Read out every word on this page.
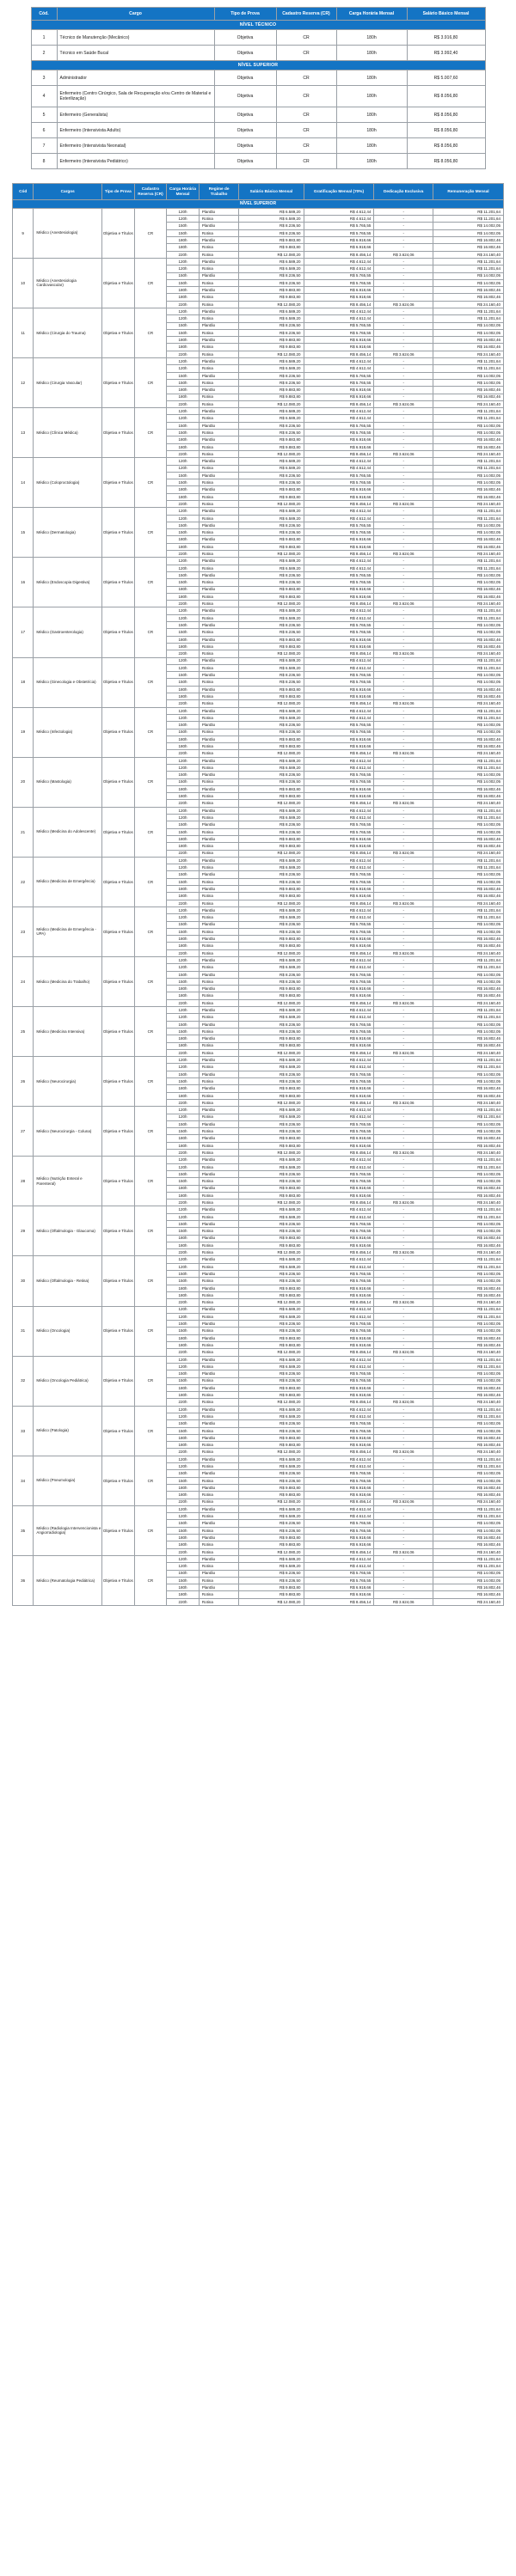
Cód.	Cargo	Tipo de Prova	Cadastro Reserva (CR)	Carga Horária Mensal	Salário Básico Mensal
NÍVEL TÉCNICO					
1	Técnico de Manutenção (Mecânico)	Objetiva	CR	180h	R$ 3.916,80
2	Técnico em Saúde Bucal	Objetiva	CR	180h	R$ 3.992,40
NÍVEL SUPERIOR					
3	Administrador	Objetiva	CR	180h	R$ 5.007,60
4	Enfermeiro (Centro Cirúrgico, Sala de Recuperação e/ou Centro de Material e Esterilização)	Objetiva	CR	180h	R$ 8.056,80
5	Enfermeiro (Generalista)	Objetiva	CR	180h	R$ 8.056,80
6	Enfermeiro (Intensivista Adulto)	Objetiva	CR	180h	R$ 8.056,80
7	Enfermeiro (Intensivista Neonatal)	Objetiva	CR	180h	R$ 8.056,80
8	Enfermeiro (Intensivista Pediátrico)	Objetiva	CR	180h	R$ 8.056,80
Cód	Cargos	Tipo de Prova	Cadastro Reserva (CR)	Carga Horária Mensal	Regime de Trabalho	Salário Básico Mensal	Gratificação Mensal (70%)	Dedicação Exclusiva	Remuneração Mensal
NÍVEL SUPERIOR									
9	Médico (Anestesiologia)	Objetiva e Títulos	CR	120h	Plantão	R$ 6.589,20	R$ 4.612,44	-	R$ 11.201,64
				120h	Rotina	R$ 6.589,20	R$ 4.612,44	-	R$ 11.201,64
				150h	Plantão	R$ 8.236,50	R$ 5.765,55	-	R$ 14.002,05
				150h	Rotina	R$ 8.236,50	R$ 5.765,55	-	R$ 14.002,05
				180h	Plantão	R$ 9.883,80	R$ 6.918,66	-	R$ 16.802,46
				180h	Rotina	R$ 9.883,80	R$ 6.918,66	-	R$ 16.802,46
				220h	Rotina	R$ 12.080,20	R$ 8.456,14	R$ 3.624,06	R$ 24.160,40
10	Médico (Anestesiologia Cardiovascular)	Objetiva e Títulos	CR	120h	Plantão	R$ 6.589,20	R$ 4.612,44	-	R$ 11.201,64
				120h	Rotina	R$ 6.589,20	R$ 4.612,44	-	R$ 11.201,64
				150h	Plantão	R$ 8.236,50	R$ 5.765,55	-	R$ 14.002,05
				150h	Rotina	R$ 8.236,50	R$ 5.765,55	-	R$ 14.002,05
				180h	Plantão	R$ 9.883,80	R$ 6.918,66	-	R$ 16.802,46
				180h	Rotina	R$ 9.883,80	R$ 6.918,66	-	R$ 16.802,46
				220h	Rotina	R$ 12.080,20	R$ 8.456,14	R$ 3.624,06	R$ 24.160,40
11	Médico (Cirurgia do Trauma)	Objetiva e Títulos	CR	120h	Plantão	R$ 6.589,20	R$ 4.612,44	-	R$ 11.201,64
				120h	Rotina	R$ 6.589,20	R$ 4.612,44	-	R$ 11.201,64
				150h	Plantão	R$ 8.236,50	R$ 5.765,55	-	R$ 14.002,05
				150h	Rotina	R$ 8.236,50	R$ 5.765,55	-	R$ 14.002,05
				180h	Plantão	R$ 9.883,80	R$ 6.918,66	-	R$ 16.802,46
				180h	Rotina	R$ 9.883,80	R$ 6.918,66	-	R$ 16.802,46
				220h	Rotina	R$ 12.080,20	R$ 8.456,14	R$ 3.624,06	R$ 24.160,40
12	Médico (Cirurgia Vascular)	Objetiva e Títulos	CR	120h	Plantão	R$ 6.589,20	R$ 4.612,44	-	R$ 11.201,64
				120h	Rotina	R$ 6.589,20	R$ 4.612,44	-	R$ 11.201,64
				150h	Plantão	R$ 8.236,50	R$ 5.765,55	-	R$ 14.002,05
				150h	Rotina	R$ 8.236,50	R$ 5.765,55	-	R$ 14.002,05
				180h	Plantão	R$ 9.883,80	R$ 6.918,66	-	R$ 16.802,46
				180h	Rotina	R$ 9.883,80	R$ 6.918,66	-	R$ 16.802,46
				220h	Rotina	R$ 12.080,20	R$ 8.456,14	R$ 3.624,06	R$ 24.160,40
13	Médico (Clínica Médica)	Objetiva e Títulos	CR	120h	Plantão	R$ 6.589,20	R$ 4.612,44	-	R$ 11.201,64
				120h	Rotina	R$ 6.589,20	R$ 4.612,44	-	R$ 11.201,64
				150h	Plantão	R$ 8.236,50	R$ 5.765,55	-	R$ 14.002,05
				150h	Rotina	R$ 8.236,50	R$ 5.765,55	-	R$ 14.002,05
				180h	Plantão	R$ 9.883,80	R$ 6.918,66	-	R$ 16.802,46
				180h	Rotina	R$ 9.883,80	R$ 6.918,66	-	R$ 16.802,46
				220h	Rotina	R$ 12.080,20	R$ 8.456,14	R$ 3.624,06	R$ 24.160,40
14	Médico (Coloproctologia)	Objetiva e Títulos	CR	120h	Plantão	R$ 6.589,20	R$ 4.612,44	-	R$ 11.201,64
				120h	Rotina	R$ 6.589,20	R$ 4.612,44	-	R$ 11.201,64
				150h	Plantão	R$ 8.236,50	R$ 5.765,55	-	R$ 14.002,05
				150h	Rotina	R$ 8.236,50	R$ 5.765,55	-	R$ 14.002,05
				180h	Plantão	R$ 9.883,80	R$ 6.918,66	-	R$ 16.802,46
				180h	Rotina	R$ 9.883,80	R$ 6.918,66	-	R$ 16.802,46
				220h	Rotina	R$ 12.080,20	R$ 8.456,14	R$ 3.624,06	R$ 24.160,40
15	Médico (Dermatologia)	Objetiva e Títulos	CR	120h	Plantão	R$ 6.589,20	R$ 4.612,44	-	R$ 11.201,64
				120h	Rotina	R$ 6.589,20	R$ 4.612,44	-	R$ 11.201,64
				150h	Plantão	R$ 8.236,50	R$ 5.765,55	-	R$ 14.002,05
				150h	Rotina	R$ 8.236,50	R$ 5.765,55	-	R$ 14.002,05
				180h	Plantão	R$ 9.883,80	R$ 6.918,66	-	R$ 16.802,46
				180h	Rotina	R$ 9.883,80	R$ 6.918,66	-	R$ 16.802,46
				220h	Rotina	R$ 12.080,20	R$ 8.456,14	R$ 3.624,06	R$ 24.160,40
16	Médico (Endoscopia Digestiva)	Objetiva e Títulos	CR	120h	Plantão	R$ 6.589,20	R$ 4.612,44	-	R$ 11.201,64
				120h	Rotina	R$ 6.589,20	R$ 4.612,44	-	R$ 11.201,64
				150h	Plantão	R$ 8.236,50	R$ 5.765,55	-	R$ 14.002,05
				150h	Rotina	R$ 8.236,50	R$ 5.765,55	-	R$ 14.002,05
				180h	Plantão	R$ 9.883,80	R$ 6.918,66	-	R$ 16.802,46
				180h	Rotina	R$ 9.883,80	R$ 6.918,66	-	R$ 16.802,46
				220h	Rotina	R$ 12.080,20	R$ 8.456,14	R$ 3.624,06	R$ 24.160,40
17	Médico (Gastroenterologia)	Objetiva e Títulos	CR	120h	Plantão	R$ 6.589,20	R$ 4.612,44	-	R$ 11.201,64
				120h	Rotina	R$ 6.589,20	R$ 4.612,44	-	R$ 11.201,64
				150h	Plantão	R$ 8.236,50	R$ 5.765,55	-	R$ 14.002,05
				150h	Rotina	R$ 8.236,50	R$ 5.765,55	-	R$ 14.002,05
				180h	Plantão	R$ 9.883,80	R$ 6.918,66	-	R$ 16.802,46
				180h	Rotina	R$ 9.883,80	R$ 6.918,66	-	R$ 16.802,46
				220h	Rotina	R$ 12.080,20	R$ 8.456,14	R$ 3.624,06	R$ 24.160,40
18	Médico (Ginecologia e Obstetrícia)	Objetiva e Títulos	CR	120h	Plantão	R$ 6.589,20	R$ 4.612,44	-	R$ 11.201,64
				120h	Rotina	R$ 6.589,20	R$ 4.612,44	-	R$ 11.201,64
				150h	Plantão	R$ 8.236,50	R$ 5.765,55	-	R$ 14.002,05
				150h	Rotina	R$ 8.236,50	R$ 5.765,55	-	R$ 14.002,05
				180h	Plantão	R$ 9.883,80	R$ 6.918,66	-	R$ 16.802,46
				180h	Rotina	R$ 9.883,80	R$ 6.918,66	-	R$ 16.802,46
				220h	Rotina	R$ 12.080,20	R$ 8.456,14	R$ 3.624,06	R$ 24.160,40
19	Médico (Infectologia)	Objetiva e Títulos	CR	120h	Plantão	R$ 6.589,20	R$ 4.612,44	-	R$ 11.201,64
				120h	Rotina	R$ 6.589,20	R$ 4.612,44	-	R$ 11.201,64
				150h	Plantão	R$ 8.236,50	R$ 5.765,55	-	R$ 14.002,05
				150h	Rotina	R$ 8.236,50	R$ 5.765,55	-	R$ 14.002,05
				180h	Plantão	R$ 9.883,80	R$ 6.918,66	-	R$ 16.802,46
				180h	Rotina	R$ 9.883,80	R$ 6.918,66	-	R$ 16.802,46
				220h	Rotina	R$ 12.080,20	R$ 8.456,14	R$ 3.624,06	R$ 24.160,40
20	Médico (Mastologia)	Objetiva e Títulos	CR	120h	Plantão	R$ 6.589,20	R$ 4.612,44	-	R$ 11.201,64
				120h	Rotina	R$ 6.589,20	R$ 4.612,44	-	R$ 11.201,64
				150h	Plantão	R$ 8.236,50	R$ 5.765,55	-	R$ 14.002,05
				150h	Rotina	R$ 8.236,50	R$ 5.765,55	-	R$ 14.002,05
				180h	Plantão	R$ 9.883,80	R$ 6.918,66	-	R$ 16.802,46
				180h	Rotina	R$ 9.883,80	R$ 6.918,66	-	R$ 16.802,46
				220h	Rotina	R$ 12.080,20	R$ 8.456,14	R$ 3.624,06	R$ 24.160,40
21	Médico (Medicina do Adolescente)	Objetiva e Títulos	CR	120h	Plantão	R$ 6.589,20	R$ 4.612,44	-	R$ 11.201,64
				120h	Rotina	R$ 6.589,20	R$ 4.612,44	-	R$ 11.201,64
				150h	Plantão	R$ 8.236,50	R$ 5.765,55	-	R$ 14.002,05
				150h	Rotina	R$ 8.236,50	R$ 5.765,55	-	R$ 14.002,05
				180h	Plantão	R$ 9.883,80	R$ 6.918,66	-	R$ 16.802,46
				180h	Rotina	R$ 9.883,80	R$ 6.918,66	-	R$ 16.802,46
				220h	Rotina	R$ 12.080,20	R$ 8.456,14	R$ 3.624,06	R$ 24.160,40
22	Médico (Medicina de Emergência)	Objetiva e Títulos	CR	120h	Plantão	R$ 6.589,20	R$ 4.612,44	-	R$ 11.201,64
				120h	Rotina	R$ 6.589,20	R$ 4.612,44	-	R$ 11.201,64
				150h	Plantão	R$ 8.236,50	R$ 5.765,55	-	R$ 14.002,05
				150h	Rotina	R$ 8.236,50	R$ 5.765,55	-	R$ 14.002,05
				180h	Plantão	R$ 9.883,80	R$ 6.918,66	-	R$ 16.802,46
				180h	Rotina	R$ 9.883,80	R$ 6.918,66	-	R$ 16.802,46
				220h	Rotina	R$ 12.080,20	R$ 8.456,14	R$ 3.624,06	R$ 24.160,40
23	Médico (Medicina de Emergência - UPA)	Objetiva e Títulos	CR	120h	Plantão	R$ 6.589,20	R$ 4.612,44	-	R$ 11.201,64
				120h	Rotina	R$ 6.589,20	R$ 4.612,44	-	R$ 11.201,64
				150h	Plantão	R$ 8.236,50	R$ 5.765,55	-	R$ 14.002,05
				150h	Rotina	R$ 8.236,50	R$ 5.765,55	-	R$ 14.002,05
				180h	Plantão	R$ 9.883,80	R$ 6.918,66	-	R$ 16.802,46
				180h	Rotina	R$ 9.883,80	R$ 6.918,66	-	R$ 16.802,46
				220h	Rotina	R$ 12.080,20	R$ 8.456,14	R$ 3.624,06	R$ 24.160,40
24	Médico (Medicina do Trabalho)	Objetiva e Títulos	CR	120h	Plantão	R$ 6.589,20	R$ 4.612,44	-	R$ 11.201,64
				120h	Rotina	R$ 6.589,20	R$ 4.612,44	-	R$ 11.201,64
				150h	Plantão	R$ 8.236,50	R$ 5.765,55	-	R$ 14.002,05
				150h	Rotina	R$ 8.236,50	R$ 5.765,55	-	R$ 14.002,05
				180h	Plantão	R$ 9.883,80	R$ 6.918,66	-	R$ 16.802,46
				180h	Rotina	R$ 9.883,80	R$ 6.918,66	-	R$ 16.802,46
				220h	Rotina	R$ 12.080,20	R$ 8.456,14	R$ 3.624,06	R$ 24.160,40
25	Médico (Medicina Intensiva)	Objetiva e Títulos	CR	120h	Plantão	R$ 6.589,20	R$ 4.612,44	-	R$ 11.201,64
				120h	Rotina	R$ 6.589,20	R$ 4.612,44	-	R$ 11.201,64
				150h	Plantão	R$ 8.236,50	R$ 5.765,55	-	R$ 14.002,05
				150h	Rotina	R$ 8.236,50	R$ 5.765,55	-	R$ 14.002,05
				180h	Plantão	R$ 9.883,80	R$ 6.918,66	-	R$ 16.802,46
				180h	Rotina	R$ 9.883,80	R$ 6.918,66	-	R$ 16.802,46
				220h	Rotina	R$ 12.080,20	R$ 8.456,14	R$ 3.624,06	R$ 24.160,40
26	Médico (Neurocirurgia)	Objetiva e Títulos	CR	120h	Plantão	R$ 6.589,20	R$ 4.612,44	-	R$ 11.201,64
				120h	Rotina	R$ 6.589,20	R$ 4.612,44	-	R$ 11.201,64
				150h	Plantão	R$ 8.236,50	R$ 5.765,55	-	R$ 14.002,05
				150h	Rotina	R$ 8.236,50	R$ 5.765,55	-	R$ 14.002,05
				180h	Plantão	R$ 9.883,80	R$ 6.918,66	-	R$ 16.802,46
				180h	Rotina	R$ 9.883,80	R$ 6.918,66	-	R$ 16.802,46
				220h	Rotina	R$ 12.080,20	R$ 8.456,14	R$ 3.624,06	R$ 24.160,40
27	Médico (Neurocirurgia - Coluna)	Objetiva e Títulos	CR	120h	Plantão	R$ 6.589,20	R$ 4.612,44	-	R$ 11.201,64
				120h	Rotina	R$ 6.589,20	R$ 4.612,44	-	R$ 11.201,64
				150h	Plantão	R$ 8.236,50	R$ 5.765,55	-	R$ 14.002,05
				150h	Rotina	R$ 8.236,50	R$ 5.765,55	-	R$ 14.002,05
				180h	Plantão	R$ 9.883,80	R$ 6.918,66	-	R$ 16.802,46
				180h	Rotina	R$ 9.883,80	R$ 6.918,66	-	R$ 16.802,46
				220h	Rotina	R$ 12.080,20	R$ 8.456,14	R$ 3.624,06	R$ 24.160,40
28	Médico (Nutrição Enteral e Parenteral)	Objetiva e Títulos	CR	120h	Plantão	R$ 6.589,20	R$ 4.612,44	-	R$ 11.201,64
				120h	Rotina	R$ 6.589,20	R$ 4.612,44	-	R$ 11.201,64
				150h	Plantão	R$ 8.236,50	R$ 5.765,55	-	R$ 14.002,05
				150h	Rotina	R$ 8.236,50	R$ 5.765,55	-	R$ 14.002,05
				180h	Plantão	R$ 9.883,80	R$ 6.918,66	-	R$ 16.802,46
				180h	Rotina	R$ 9.883,80	R$ 6.918,66	-	R$ 16.802,46
				220h	Rotina	R$ 12.080,20	R$ 8.456,14	R$ 3.624,06	R$ 24.160,40
29	Médico (Oftalmologia - Glaucoma)	Objetiva e Títulos	CR	120h	Plantão	R$ 6.589,20	R$ 4.612,44	-	R$ 11.201,64
				120h	Rotina	R$ 6.589,20	R$ 4.612,44	-	R$ 11.201,64
				150h	Plantão	R$ 8.236,50	R$ 5.765,55	-	R$ 14.002,05
				150h	Rotina	R$ 8.236,50	R$ 5.765,55	-	R$ 14.002,05
				180h	Plantão	R$ 9.883,80	R$ 6.918,66	-	R$ 16.802,46
				180h	Rotina	R$ 9.883,80	R$ 6.918,66	-	R$ 16.802,46
				220h	Rotina	R$ 12.080,20	R$ 8.456,14	R$ 3.624,06	R$ 24.160,40
30	Médico (Oftalmologia - Retina)	Objetiva e Títulos	CR	120h	Plantão	R$ 6.589,20	R$ 4.612,44	-	R$ 11.201,64
				120h	Rotina	R$ 6.589,20	R$ 4.612,44	-	R$ 11.201,64
				150h	Plantão	R$ 8.236,50	R$ 5.765,55	-	R$ 14.002,05
				150h	Rotina	R$ 8.236,50	R$ 5.765,55	-	R$ 14.002,05
				180h	Plantão	R$ 9.883,80	R$ 6.918,66	-	R$ 16.802,46
				180h	Rotina	R$ 9.883,80	R$ 6.918,66	-	R$ 16.802,46
				220h	Rotina	R$ 12.080,20	R$ 8.456,14	R$ 3.624,06	R$ 24.160,40
31	Médico (Oncologia)	Objetiva e Títulos	CR	120h	Plantão	R$ 6.589,20	R$ 4.612,44	-	R$ 11.201,64
				120h	Rotina	R$ 6.589,20	R$ 4.612,44	-	R$ 11.201,64
				150h	Plantão	R$ 8.236,50	R$ 5.765,55	-	R$ 14.002,05
				150h	Rotina	R$ 8.236,50	R$ 5.765,55	-	R$ 14.002,05
				180h	Plantão	R$ 9.883,80	R$ 6.918,66	-	R$ 16.802,46
				180h	Rotina	R$ 9.883,80	R$ 6.918,66	-	R$ 16.802,46
				220h	Rotina	R$ 12.080,20	R$ 8.456,14	R$ 3.624,06	R$ 24.160,40
32	Médico (Oncologia Pediátrica)	Objetiva e Títulos	CR	120h	Plantão	R$ 6.589,20	R$ 4.612,44	-	R$ 11.201,64
				120h	Rotina	R$ 6.589,20	R$ 4.612,44	-	R$ 11.201,64
				150h	Plantão	R$ 8.236,50	R$ 5.765,55	-	R$ 14.002,05
				150h	Rotina	R$ 8.236,50	R$ 5.765,55	-	R$ 14.002,05
				180h	Plantão	R$ 9.883,80	R$ 6.918,66	-	R$ 16.802,46
				180h	Rotina	R$ 9.883,80	R$ 6.918,66	-	R$ 16.802,46
				220h	Rotina	R$ 12.080,20	R$ 8.456,14	R$ 3.624,06	R$ 24.160,40
33	Médico (Patologia)	Objetiva e Títulos	CR	120h	Plantão	R$ 6.589,20	R$ 4.612,44	-	R$ 11.201,64
				120h	Rotina	R$ 6.589,20	R$ 4.612,44	-	R$ 11.201,64
				150h	Plantão	R$ 8.236,50	R$ 5.765,55	-	R$ 14.002,05
				150h	Rotina	R$ 8.236,50	R$ 5.765,55	-	R$ 14.002,05
				180h	Plantão	R$ 9.883,80	R$ 6.918,66	-	R$ 16.802,46
				180h	Rotina	R$ 9.883,80	R$ 6.918,66	-	R$ 16.802,46
				220h	Rotina	R$ 12.080,20	R$ 8.456,14	R$ 3.624,06	R$ 24.160,40
34	Médico (Pneumologia)	Objetiva e Títulos	CR	120h	Plantão	R$ 6.589,20	R$ 4.612,44	-	R$ 11.201,64
				120h	Rotina	R$ 6.589,20	R$ 4.612,44	-	R$ 11.201,64
				150h	Plantão	R$ 8.236,50	R$ 5.765,55	-	R$ 14.002,05
				150h	Rotina	R$ 8.236,50	R$ 5.765,55	-	R$ 14.002,05
				180h	Plantão	R$ 9.883,80	R$ 6.918,66	-	R$ 16.802,46
				180h	Rotina	R$ 9.883,80	R$ 6.918,66	-	R$ 16.802,46
				220h	Rotina	R$ 12.080,20	R$ 8.456,14	R$ 3.624,06	R$ 24.160,40
35	Médico (Radiologia Intervencionista e Angiorradiologia)	Objetiva e Títulos	CR	120h	Plantão	R$ 6.589,20	R$ 4.612,44	-	R$ 11.201,64
				120h	Rotina	R$ 6.589,20	R$ 4.612,44	-	R$ 11.201,64
				150h	Plantão	R$ 8.236,50	R$ 5.765,55	-	R$ 14.002,05
				150h	Rotina	R$ 8.236,50	R$ 5.765,55	-	R$ 14.002,05
				180h	Plantão	R$ 9.883,80	R$ 6.918,66	-	R$ 16.802,46
				180h	Rotina	R$ 9.883,80	R$ 6.918,66	-	R$ 16.802,46
				220h	Rotina	R$ 12.080,20	R$ 8.456,14	R$ 3.624,06	R$ 24.160,40
36	Médico (Reumatologia Pediátrica)	Objetiva e Títulos	CR	120h	Plantão	R$ 6.589,20	R$ 4.612,44	-	R$ 11.201,64
				120h	Rotina	R$ 6.589,20	R$ 4.612,44	-	R$ 11.201,64
				150h	Plantão	R$ 8.236,50	R$ 5.765,55	-	R$ 14.002,05
				150h	Rotina	R$ 8.236,50	R$ 5.765,55	-	R$ 14.002,05
				180h	Plantão	R$ 9.883,80	R$ 6.918,66	-	R$ 16.802,46
				180h	Rotina	R$ 9.883,80	R$ 6.918,66	-	R$ 16.802,46
				220h	Rotina	R$ 12.080,20	R$ 8.456,14	R$ 3.624,06	R$ 24.160,40
